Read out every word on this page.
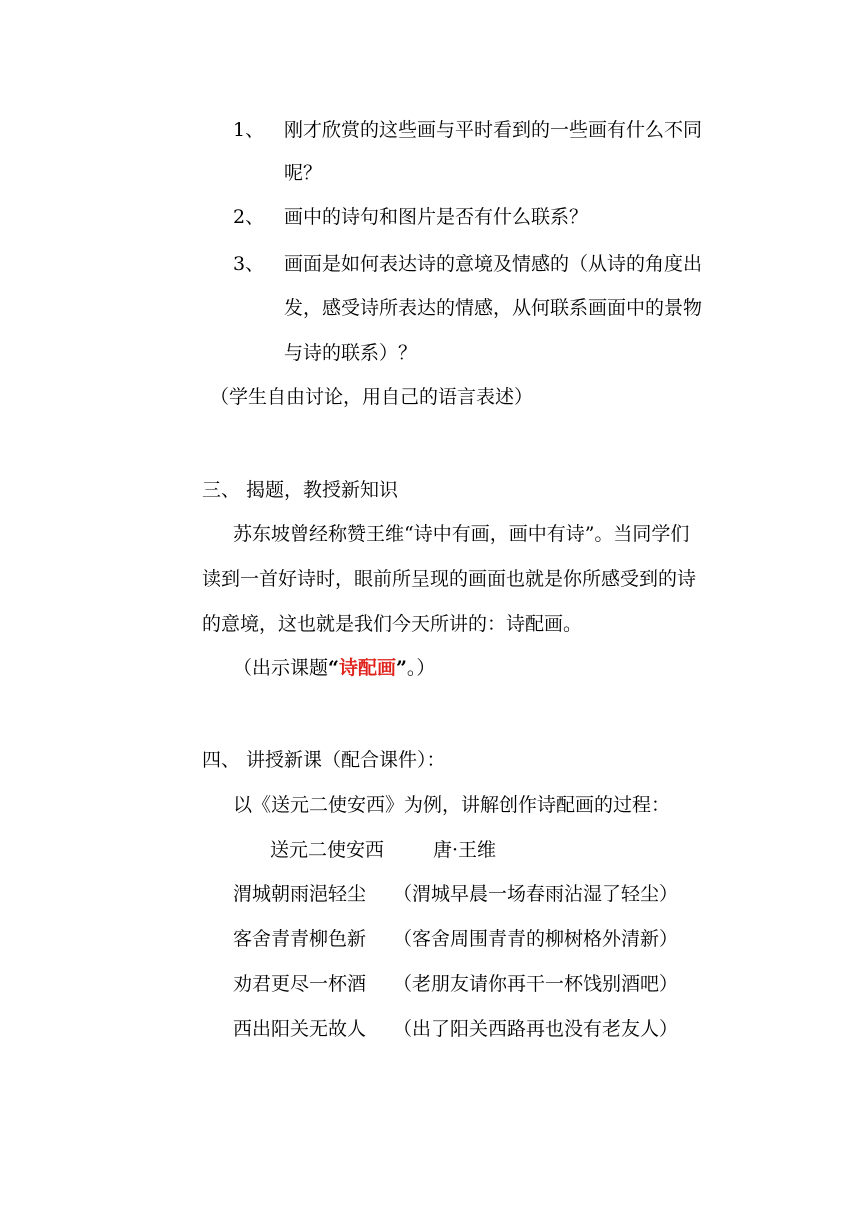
1、 刚才欣赏的这些画与平时看到的一些画有什么不同
呢？
2、 画中的诗句和图片是否有什么联系？
3、 画面是如何表达诗的意境及情感的（从诗的角度出
发，感受诗所表达的情感，从何联系画面中的景物
与诗的联系）？
（学生自由讨论，用自己的语言表述）
三、 揭题，教授新知识
苏东坡曾经称赞王维“诗中有画，画中有诗”。当同学们
读到一首好诗时，眼前所呈现的画面也就是你所感受到的诗
的意境，这也就是我们今天所讲的：诗配画。
（出示课题“诗配画”。）
四、 讲授新课（配合课件）：
以《送元二使安西》为例，讲解创作诗配画的过程：
送元二使安西	唐·王维
渭城朝雨浥轻尘 （渭城早晨一场春雨沾湿了轻尘）
客舍青青柳色新 （客舍周围青青的柳树格外清新）
劝君更尽一杯酒 （老朋友请你再干一杯饯别酒吧）
西出阳关无故人 （出了阳关西路再也没有老友人）
